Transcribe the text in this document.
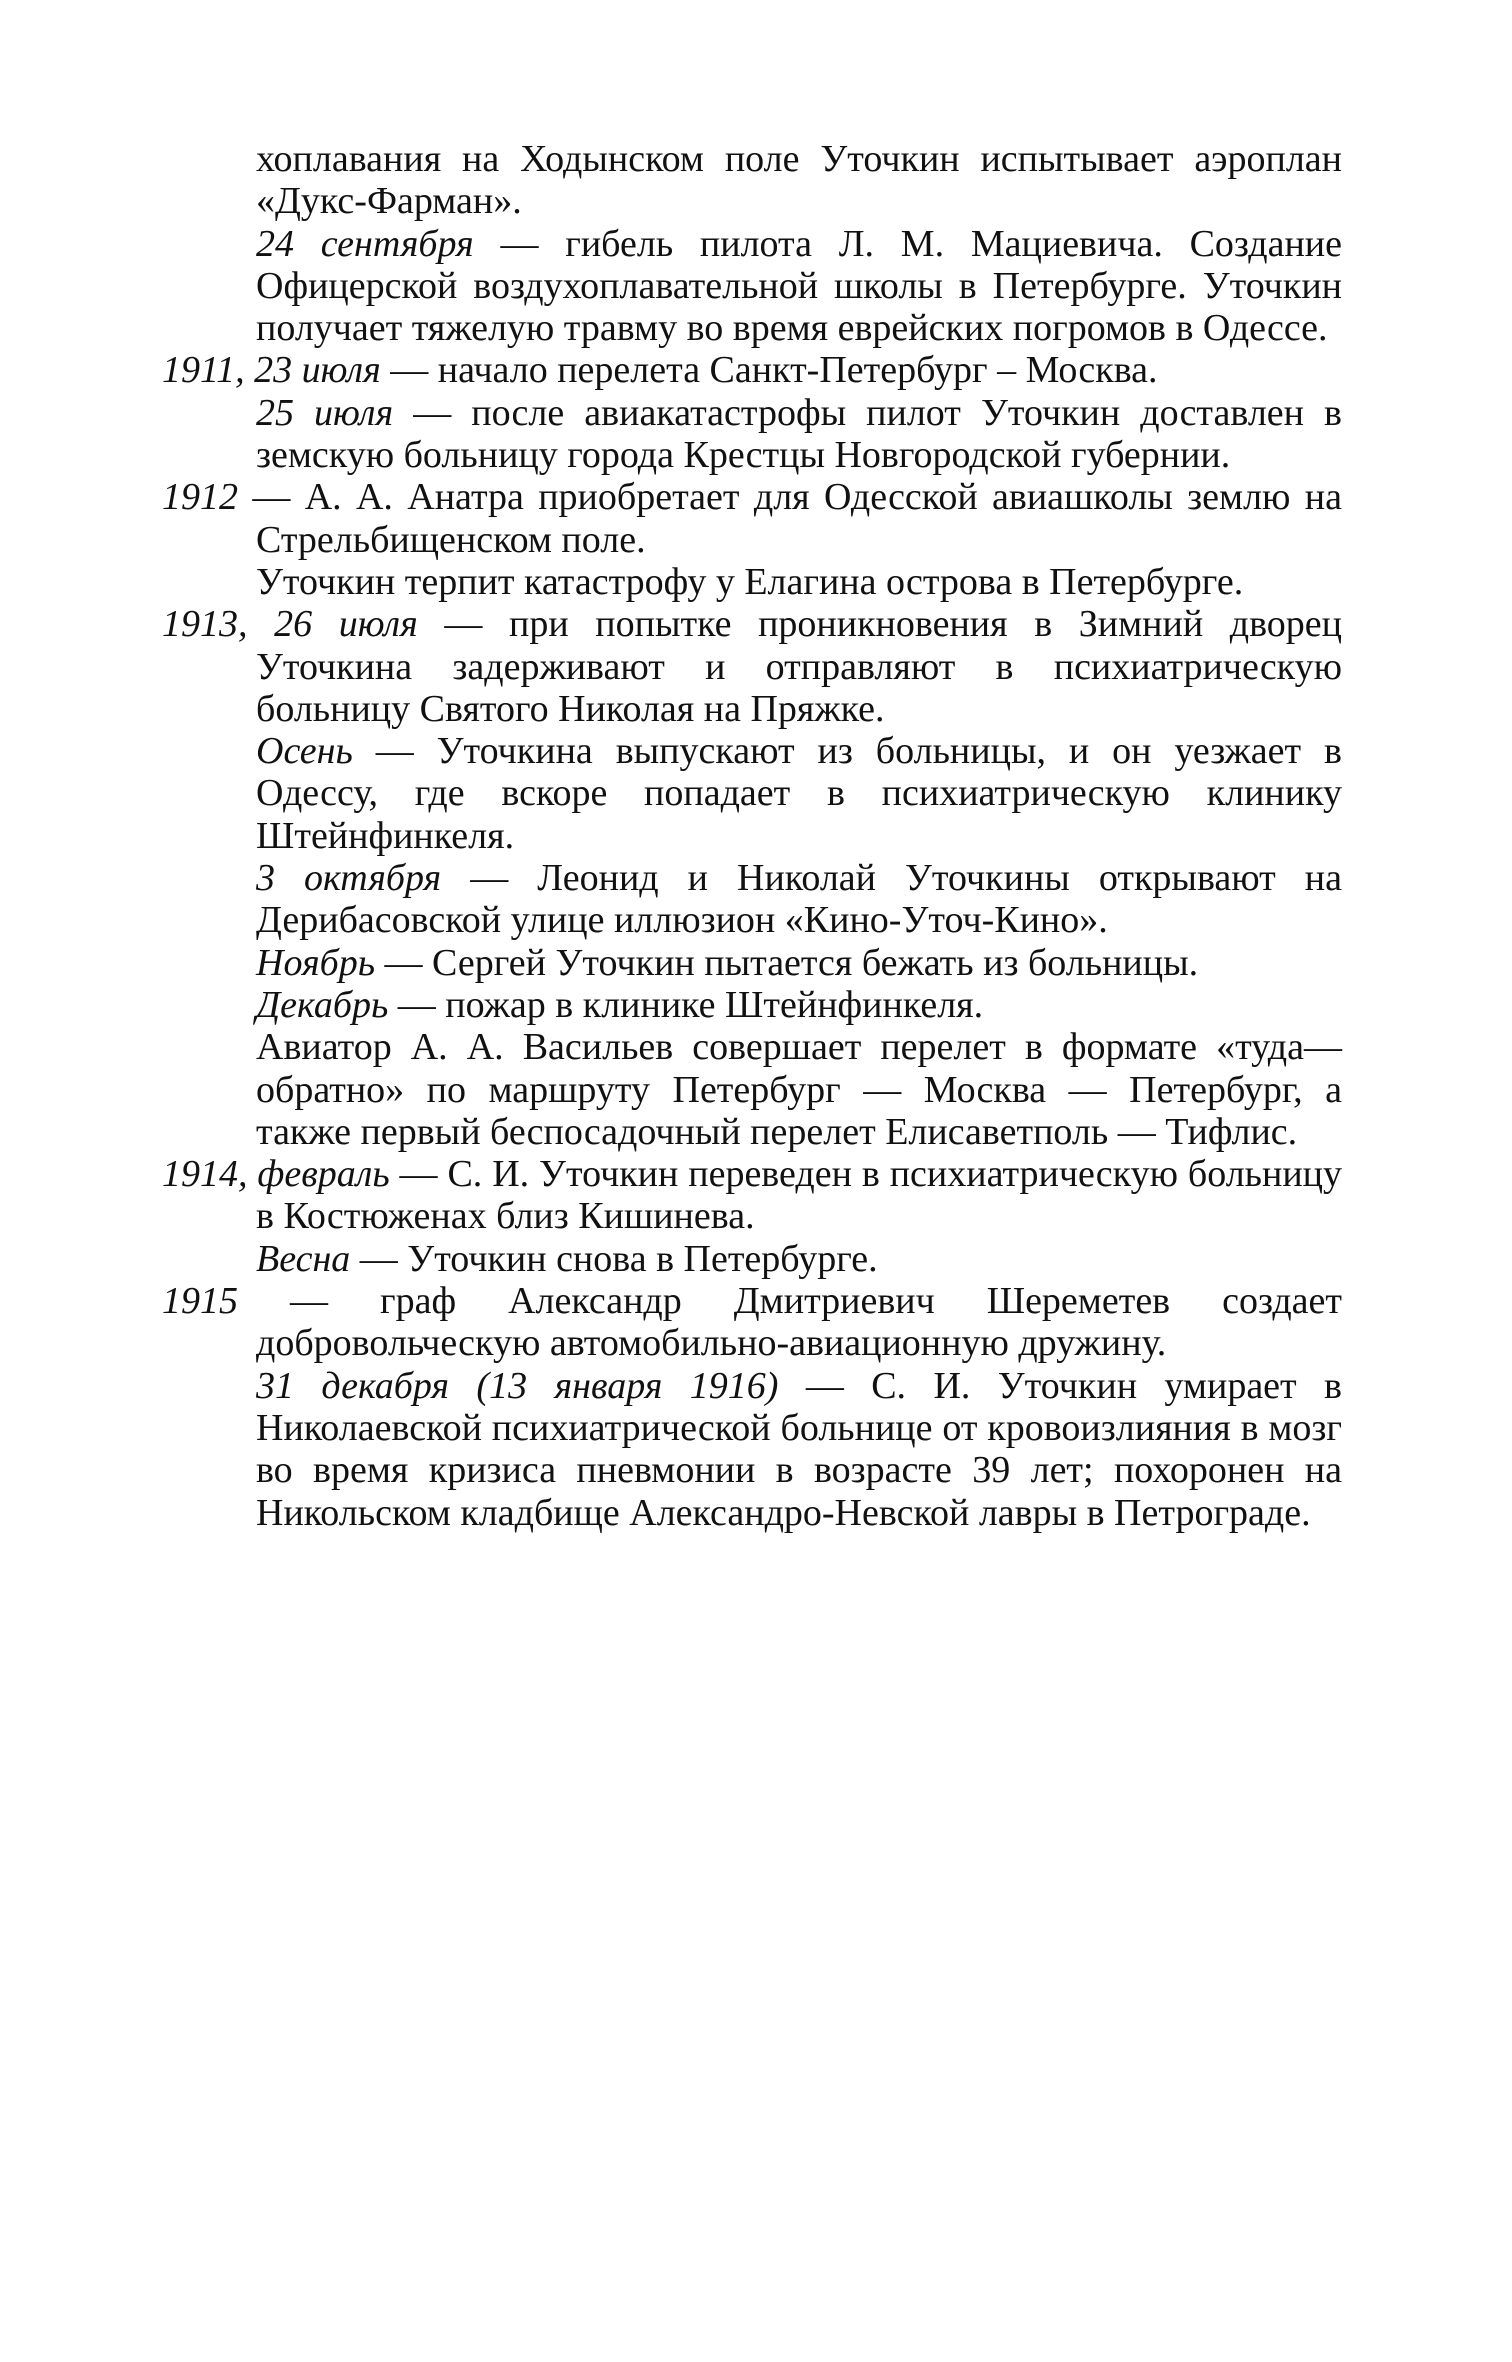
хоплавания на Ходынском поле Уточкин испытывает аэроплан «Дукс-Фарман».

24 сентября — гибель пилота Л. М. Мациевича. Создание Офицерской воздухоплавательной школы в Петербурге. Уточкин получает тяжелую травму во время еврейских погромов в Одессе.

1911, 23 июля — начало перелета Санкт-Петербург – Москва.

25 июля — после авиакатастрофы пилот Уточкин доставлен в земскую больницу города Крестцы Новгородской губернии.

1912 — А. А. Анатра приобретает для Одесской авиашколы землю на Стрельбищенском поле.

Уточкин терпит катастрофу у Елагина острова в Петербурге.

1913, 26 июля — при попытке проникновения в Зимний дворец Уточкина задерживают и отправляют в психиатрическую больницу Святого Николая на Пряжке.

Осень — Уточкина выпускают из больницы, и он уезжает в Одессу, где вскоре попадает в психиатрическую клинику Штейнфинкеля.

3 октября — Леонид и Николай Уточкины открывают на Дерибасовской улице иллюзион «Кино-Уточ-Кино».

Ноябрь — Сергей Уточкин пытается бежать из больницы.

Декабрь — пожар в клинике Штейнфинкеля.

Авиатор А. А. Васильев совершает перелет в формате «туда— обратно» по маршруту Петербург — Москва — Петербург, а также первый беспосадочный перелет Елисаветполь — Тифлис.

1914, февраль — С. И. Уточкин переведен в психиатрическую больницу в Костюженах близ Кишинева.

Весна — Уточкин снова в Петербурге.

1915 — граф Александр Дмитриевич Шереметев создает добровольческую автомобильно-авиационную дружину.

31 декабря (13 января 1916) — С. И. Уточкин умирает в Николаевской психиатрической больнице от кровоизлияния в мозг во время кризиса пневмонии в возрасте 39 лет; похоронен на Никольском кладбище Александро-Невской лавры в Петрограде.
